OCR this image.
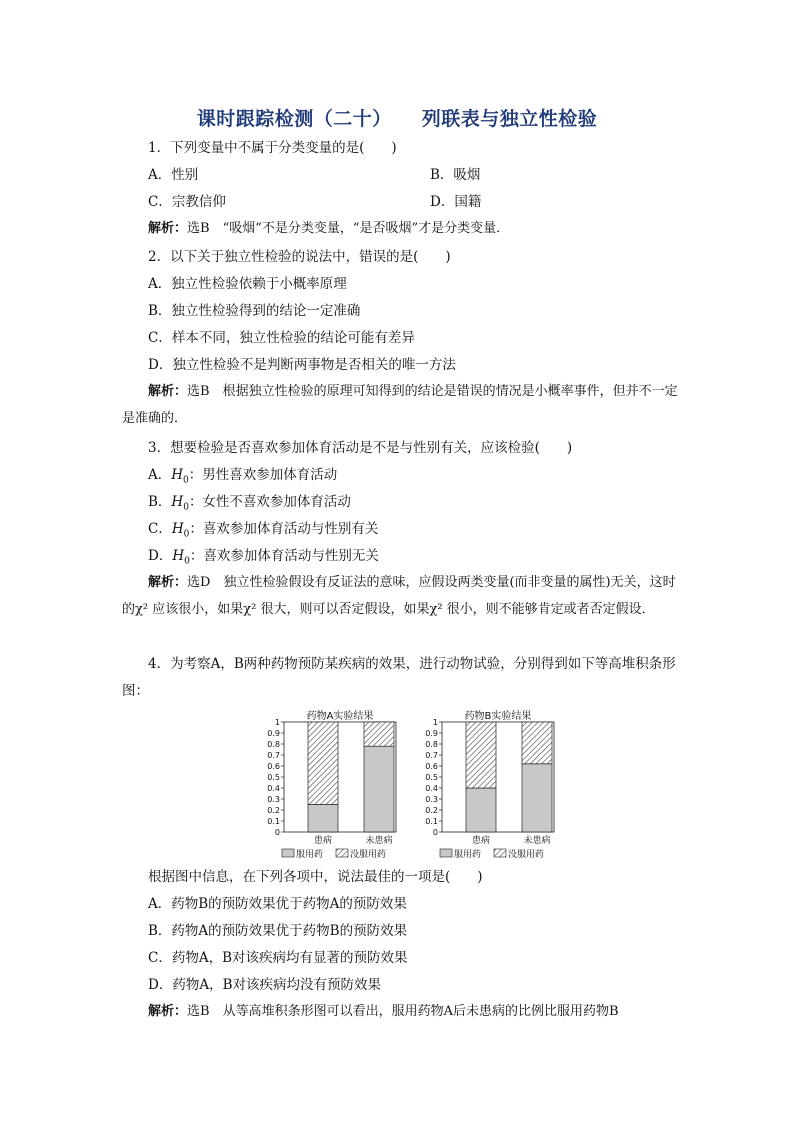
课时跟踪检测（二十） 列联表与独立性检验
1．下列变量中不属于分类变量的是(　　)
A．性别	B．吸烟
C．宗教信仰	D．国籍
解析：选B　“吸烟”不是分类变量，“是否吸烟”才是分类变量．
2．以下关于独立性检验的说法中，错误的是(　　)
A．独立性检验依赖于小概率原理
B．独立性检验得到的结论一定准确
C．样本不同，独立性检验的结论可能有差异
D．独立性检验不是判断两事物是否相关的唯一方法
解析：选B　根据独立性检验的原理可知得到的结论是错误的情况是小概率事件，但并不一定是准确的．
3．想要检验是否喜欢参加体育活动是不是与性别有关，应该检验(　　)
A．$H_0$：男性喜欢参加体育活动
B．$H_0$：女性不喜欢参加体育活动
C．$H_0$：喜欢参加体育活动与性别有关
D．$H_0$：喜欢参加体育活动与性别无关
解析：选D　独立性检验假设有反证法的意味，应假设两类变量(而非变量的属性)无关，这时的χ² 应该很小，如果χ² 很大，则可以否定假设，如果χ² 很小，则不能够肯定或者否定假设．
4．为考察A，B两种药物预防某疾病的效果，进行动物试验，分别得到如下等高堆积条形图：
药物A实验结果
0
0.1
0.2
0.3
0.4
0.5
0.6
0.7
0.8
0.9
1
患病	未患病
服用药	没服用药
药物B实验结果
0
0.1
0.2
0.3
0.4
0.5
0.6
0.7
0.8
0.9
1
患病	未患病
服用药	没服用药
根据图中信息，在下列各项中，说法最佳的一项是(　　)
A．药物B的预防效果优于药物A的预防效果
B．药物A的预防效果优于药物B的预防效果
C．药物A，B对该疾病均有显著的预防效果
D．药物A，B对该疾病均没有预防效果
解析：选B　从等高堆积条形图可以看出，服用药物A后未患病的比例比服用药物B
